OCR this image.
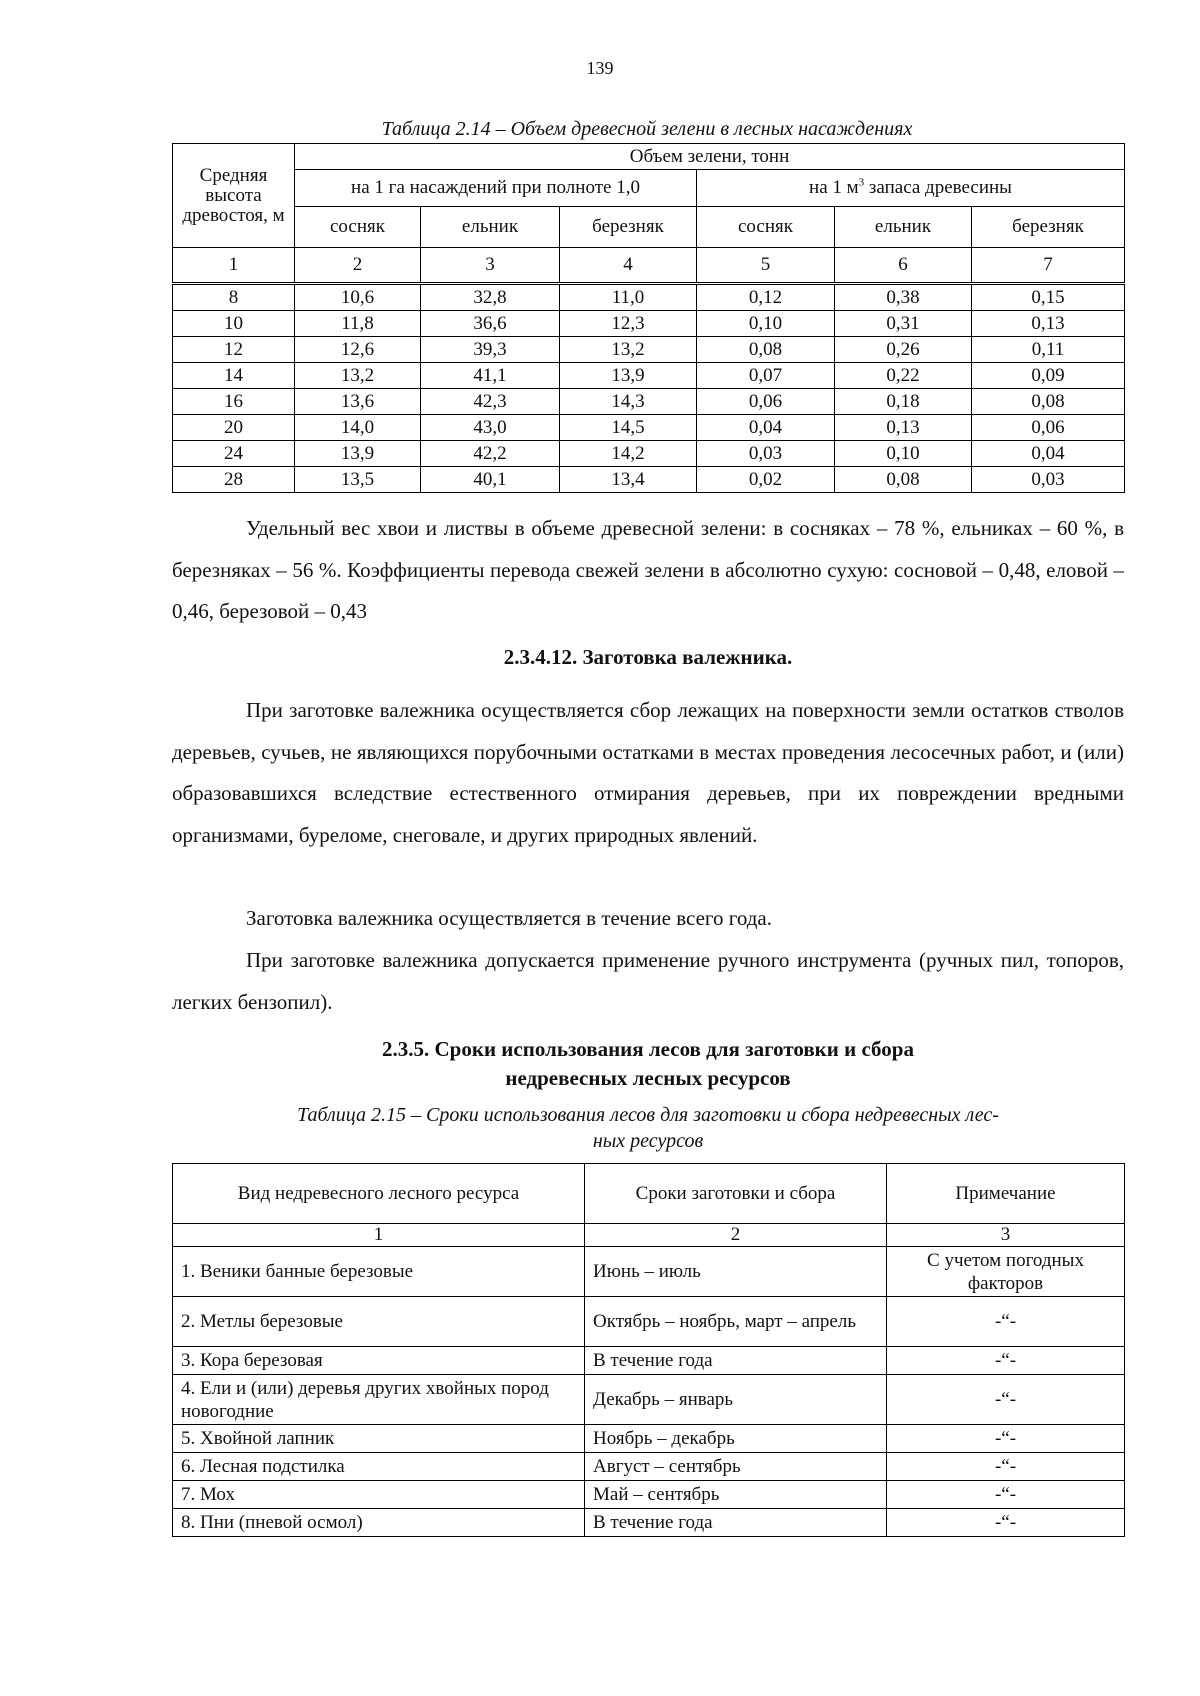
139
Таблица 2.14 – Объем древесной зелени в лесных насаждениях
Средняя высота древостоя, м	Объем зелени, тонн					
	на 1 га насаждений при полноте 1,0			на 1 $м^3$ запаса древесины		
	сосняк	ельник	березняк	сосняк	ельник	березняк
1	2	3	4	5	6	7
8	10,6	32,8	11,0	0,12	0,38	0,15
10	11,8	36,6	12,3	0,10	0,31	0,13
12	12,6	39,3	13,2	0,08	0,26	0,11
14	13,2	41,1	13,9	0,07	0,22	0,09
16	13,6	42,3	14,3	0,06	0,18	0,08
20	14,0	43,0	14,5	0,04	0,13	0,06
24	13,9	42,2	14,2	0,03	0,10	0,04
28	13,5	40,1	13,4	0,02	0,08	0,03

Удельный вес хвои и листвы в объеме древесной зелени: в сосняках – 78 %, ельниках – 60 %, в березняках – 56 %. Коэффициенты перевода свежей зелени в абсолютно сухую: сосновой – 0,48, еловой – 0,46, березовой – 0,43

2.3.4.12. Заготовка валежника.

При заготовке валежника осуществляется сбор лежащих на поверхности земли остатков стволов деревьев, сучьев, не являющихся порубочными остатками в местах проведения лесосечных работ, и (или) образовавшихся вследствие естественного отмирания деревьев, при их повреждении вредными организмами, буреломе, снеговале, и других природных явлений.

Заготовка валежника осуществляется в течение всего года.

При заготовке валежника допускается применение ручного инструмента (ручных пил, топоров, легких бензопил).

2.3.5. Сроки использования лесов для заготовки и сбора
недревесных лесных ресурсов
Таблица 2.15 – Сроки использования лесов для заготовки и сбора недревесных лес-
ных ресурсов
Вид недревесного лесного ресурса	Сроки заготовки и сбора	Примечание
1	2	3
1. Веники банные березовые	Июнь – июль	С учетом погодных факторов
2. Метлы березовые	Октябрь – ноябрь, март – апрель	-“-
3. Кора березовая	В течение года	-“-
4. Ели и (или) деревья других хвойных пород новогодние	Декабрь – январь	-“-
5. Хвойной лапник	Ноябрь – декабрь	-“-
6. Лесная подстилка	Август – сентябрь	-“-
7. Мох	Май – сентябрь	-“-
8. Пни (пневой осмол)	В течение года	-“-
